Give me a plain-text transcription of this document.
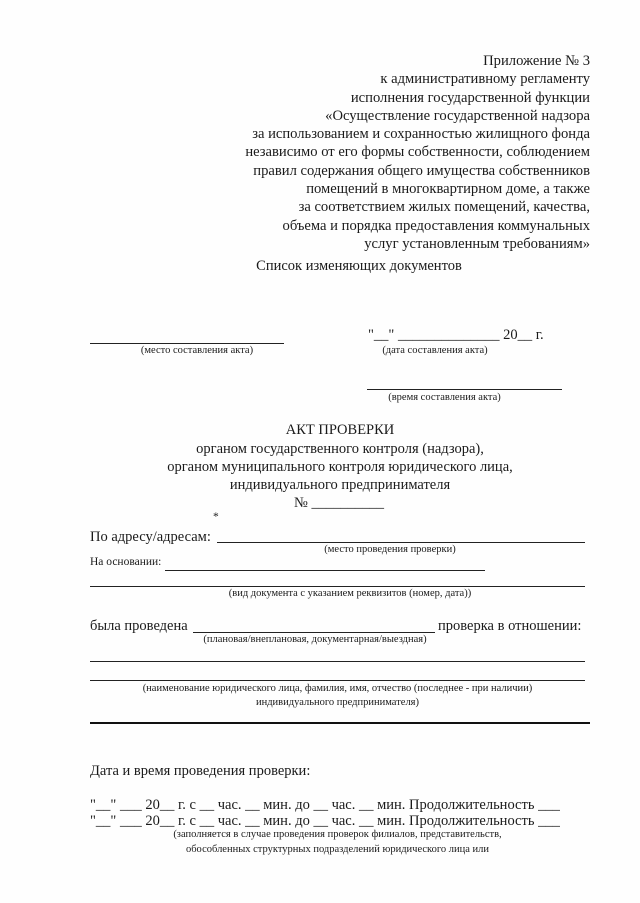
Приложение № 3
к административному регламенту
исполнения государственной функции
«Осуществление государственной надзора
за использованием и сохранностью жилищного фонда
независимо от его формы собственности, соблюдением
правил содержания общего имущества собственников
помещений в многоквартирном доме, а также
за соответствием жилых помещений, качества,
объема и порядка предоставления коммунальных
услуг установленным требованиям»
Список изменяющих документов
(место составления акта)
"__" ______________ 20__ г.
(дата составления акта)
(время составления акта)
АКТ ПРОВЕРКИ
органом государственного контроля (надзора),
органом муниципального контроля юридического лица,
индивидуального предпринимателя
№ __________
*
По адресу/адресам:
(место проведения проверки)
На основании:
(вид документа с указанием реквизитов (номер, дата))
была проведена	проверка в отношении:
(плановая/внеплановая, документарная/выездная)
(наименование юридического лица, фамилия, имя, отчество (последнее - при наличии)
индивидуального предпринимателя)
Дата и время проведения проверки:
"__" ___ 20__ г. с __ час. __ мин. до __ час. __ мин. Продолжительность ___
"__" ___ 20__ г. с __ час. __ мин. до __ час. __ мин. Продолжительность ___
(заполняется в случае проведения проверок филиалов, представительств,
обособленных структурных подразделений юридического лица или
